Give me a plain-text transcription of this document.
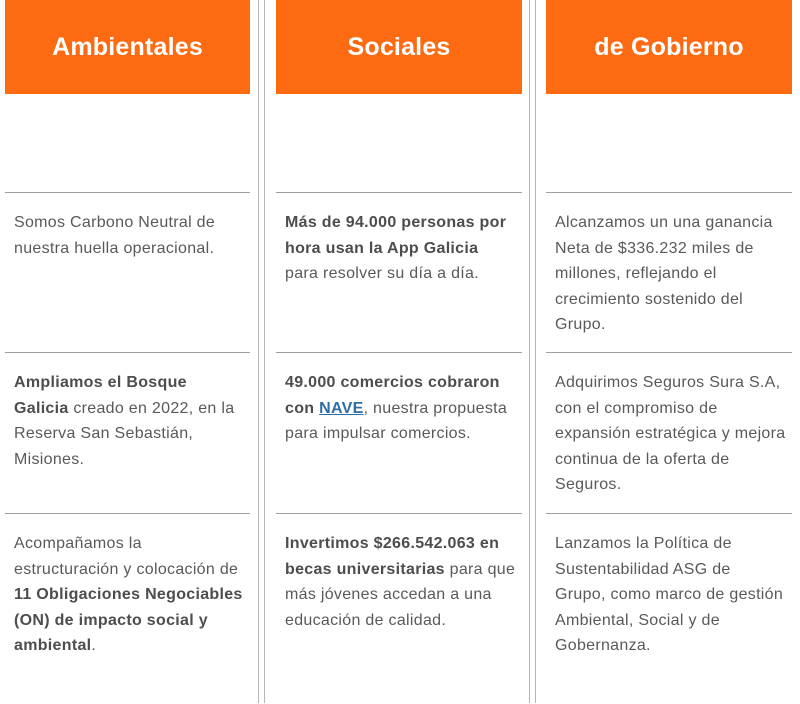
Ambientales

Somos Carbono Neutral de nuestra huella operacional.

Ampliamos el Bosque Galicia creado en 2022, en la Reserva San Sebastián, Misiones.

Acompañamos la estructuración y colocación de 11 Obligaciones Negociables (ON) de impacto social y ambiental.

Sociales

Más de 94.000 personas por hora usan la App Galicia para resolver su día a día.

49.000 comercios cobraron con NAVE, nuestra propuesta para impulsar comercios.

Invertimos $266.542.063 en becas universitarias para que más jóvenes accedan a una educación de calidad.

de Gobierno

Alcanzamos un una ganancia Neta de $336.232 miles de millones, reflejando el crecimiento sostenido del Grupo.

Adquirimos Seguros Sura S.A, con el compromiso de expansión estratégica y mejora continua de la oferta de Seguros.

Lanzamos la Política de Sustentabilidad ASG de Grupo, como marco de gestión Ambiental, Social y de Gobernanza.
